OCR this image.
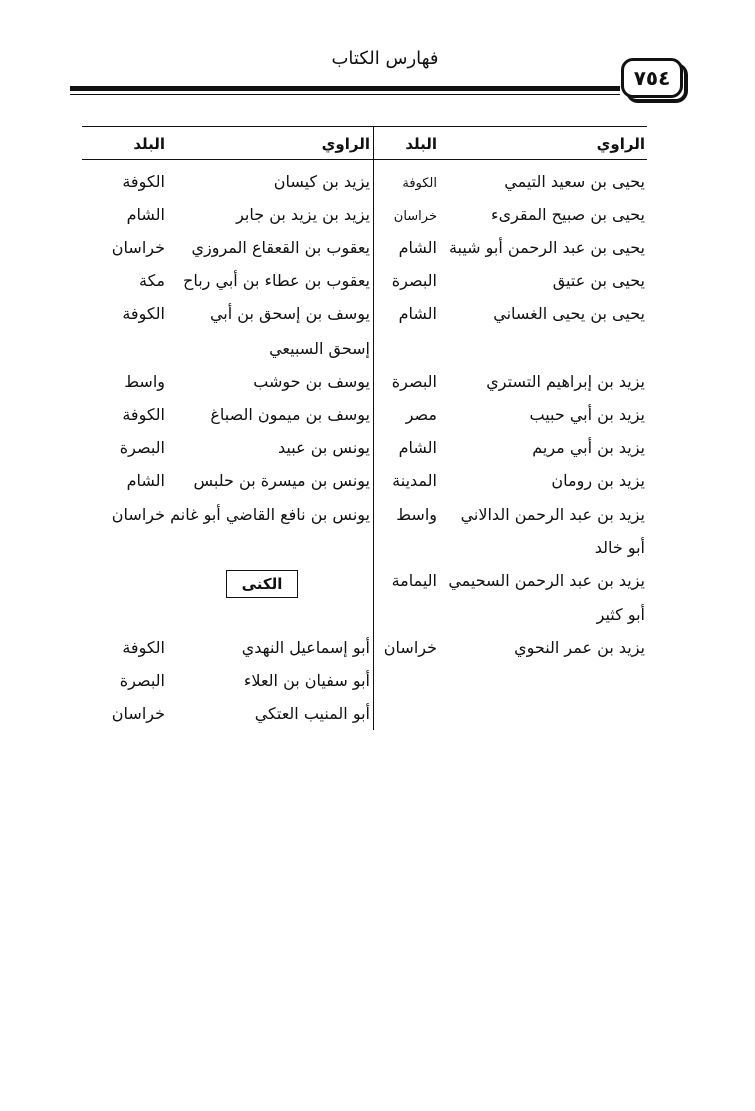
فهارس الكتاب
٧٥٤
الراوي
البلد
الراوي
البلد
يحيى بن سعيد التيمي
الكوفة
يحيى بن صبيح المقرىء
خراسان
يحيى بن عبد الرحمن أبو شيبة
الشام
يحيى بن عتيق
البصرة
يحيى بن يحيى الغساني
الشام
يزيد بن إبراهيم التستري
البصرة
يزيد بن أبي حبيب
مصر
يزيد بن أبي مريم
الشام
يزيد بن رومان
المدينة
يزيد بن عبد الرحمن الدالاني
واسط
أبو خالد
يزيد بن عبد الرحمن السحيمي
اليمامة
أبو كثير
يزيد بن عمر النحوي
خراسان
يزيد بن كيسان
الكوفة
يزيد بن يزيد بن جابر
الشام
يعقوب بن القعقاع المروزي
خراسان
يعقوب بن عطاء بن أبي رباح
مكة
يوسف بن إسحق بن أبي
الكوفة
إسحق السبيعي
يوسف بن حوشب
واسط
يوسف بن ميمون الصباغ
الكوفة
يونس بن عبيد
البصرة
يونس بن ميسرة بن حلبس
الشام
يونس بن نافع القاضي أبو غانم
خراسان
الكنى
أبو إسماعيل النهدي
الكوفة
أبو سفيان بن العلاء
البصرة
أبو المنيب العتكي
خراسان
